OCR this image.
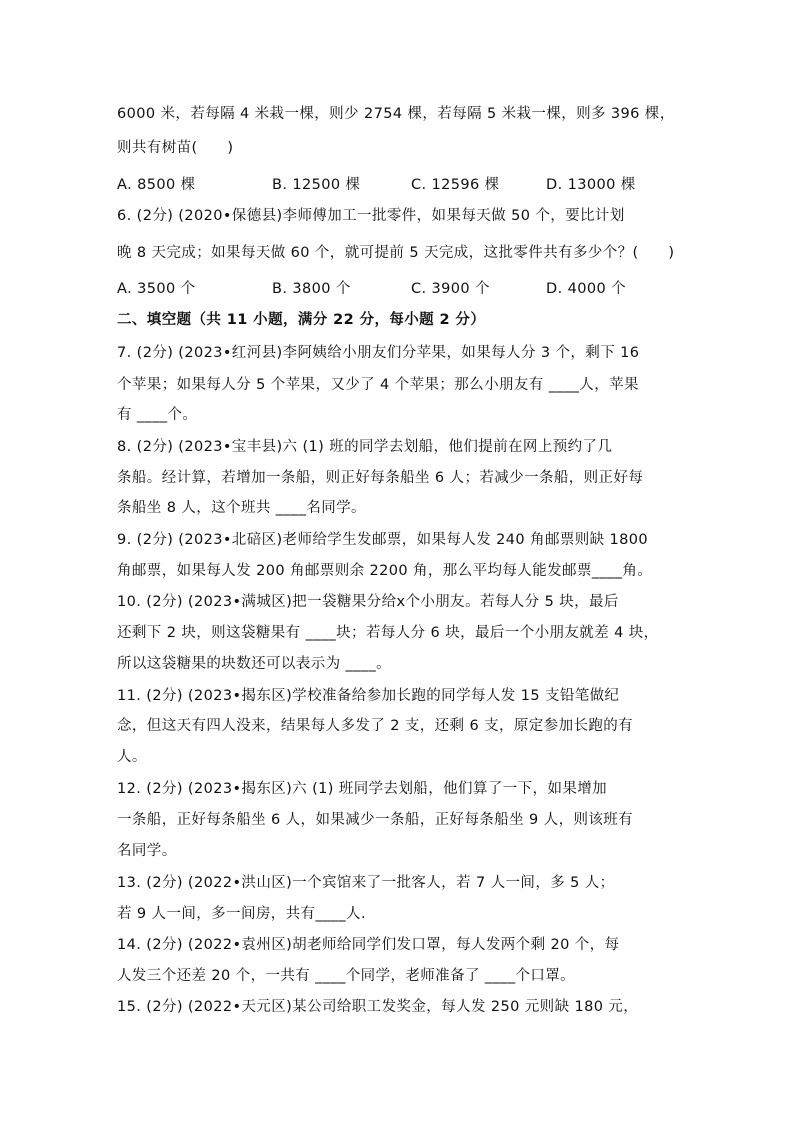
6000 米，若每隔 4 米栽一棵，则少 2754 棵，若每隔 5 米栽一棵，则多 396 棵，
则共有树苗(　　)
A. 8500 棵	B. 12500 棵	C. 12596 棵	D. 13000 棵
6. (2分) (2020•保德县)李师傅加工一批零件，如果每天做 50 个，要比计划
晚 8 天完成；如果每天做 60 个，就可提前 5 天完成，这批零件共有多少个？(　　)
A. 3500 个	B. 3800 个	C. 3900 个	D. 4000 个
二、填空题（共 11 小题，满分 22 分，每小题 2 分）
7. (2分) (2023•红河县)李阿姨给小朋友们分苹果，如果每人分 3 个，剩下 16
个苹果；如果每人分 5 个苹果，又少了 4 个苹果；那么小朋友有 ____人，苹果
有 ____个。
8. (2分) (2023•宝丰县)六 (1) 班的同学去划船，他们提前在网上预约了几
条船。经计算，若增加一条船，则正好每条船坐 6 人；若减少一条船，则正好每
条船坐 8 人，这个班共 ____名同学。
9. (2分) (2023•北碚区)老师给学生发邮票，如果每人发 240 角邮票则缺 1800
角邮票，如果每人发 200 角邮票则余 2200 角，那么平均每人能发邮票____角。
10. (2分) (2023•满城区)把一袋糖果分给x个小朋友。若每人分 5 块，最后
还剩下 2 块，则这袋糖果有 ____块；若每人分 6 块，最后一个小朋友就差 4 块，
所以这袋糖果的块数还可以表示为 ____。
11. (2分) (2023•揭东区)学校准备给参加长跑的同学每人发 15 支铅笔做纪
念，但这天有四人没来，结果每人多发了 2 支，还剩 6 支，原定参加长跑的有
人。
12. (2分) (2023•揭东区)六 (1) 班同学去划船，他们算了一下，如果增加
一条船，正好每条船坐 6 人，如果减少一条船，正好每条船坐 9 人，则该班有
名同学。
13. (2分) (2022•洪山区)一个宾馆来了一批客人，若 7 人一间，多 5 人；
若 9 人一间，多一间房，共有____人.
14. (2分) (2022•袁州区)胡老师给同学们发口罩，每人发两个剩 20 个，每
人发三个还差 20 个，一共有 ____个同学，老师准备了 ____个口罩。
15. (2分) (2022•天元区)某公司给职工发奖金，每人发 250 元则缺 180 元，
